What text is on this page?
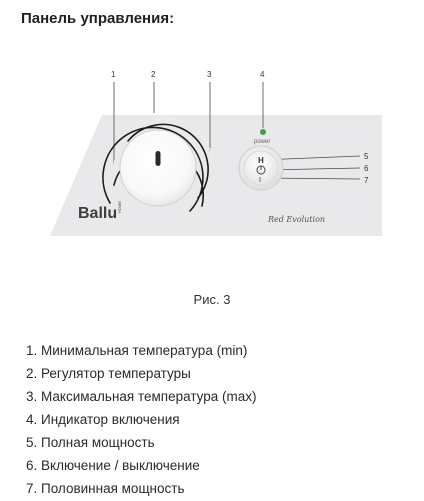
Панель управления:
H
I
power
Ballu HOME
Red Evolution
1	2	3	4
5
6
7
Рис. 3
1. Минимальная температура (min)
2. Регулятор температуры
3. Максимальная температура (max)
4. Индикатор включения
5. Полная мощность
6. Включение / выключение
7. Половинная мощность
